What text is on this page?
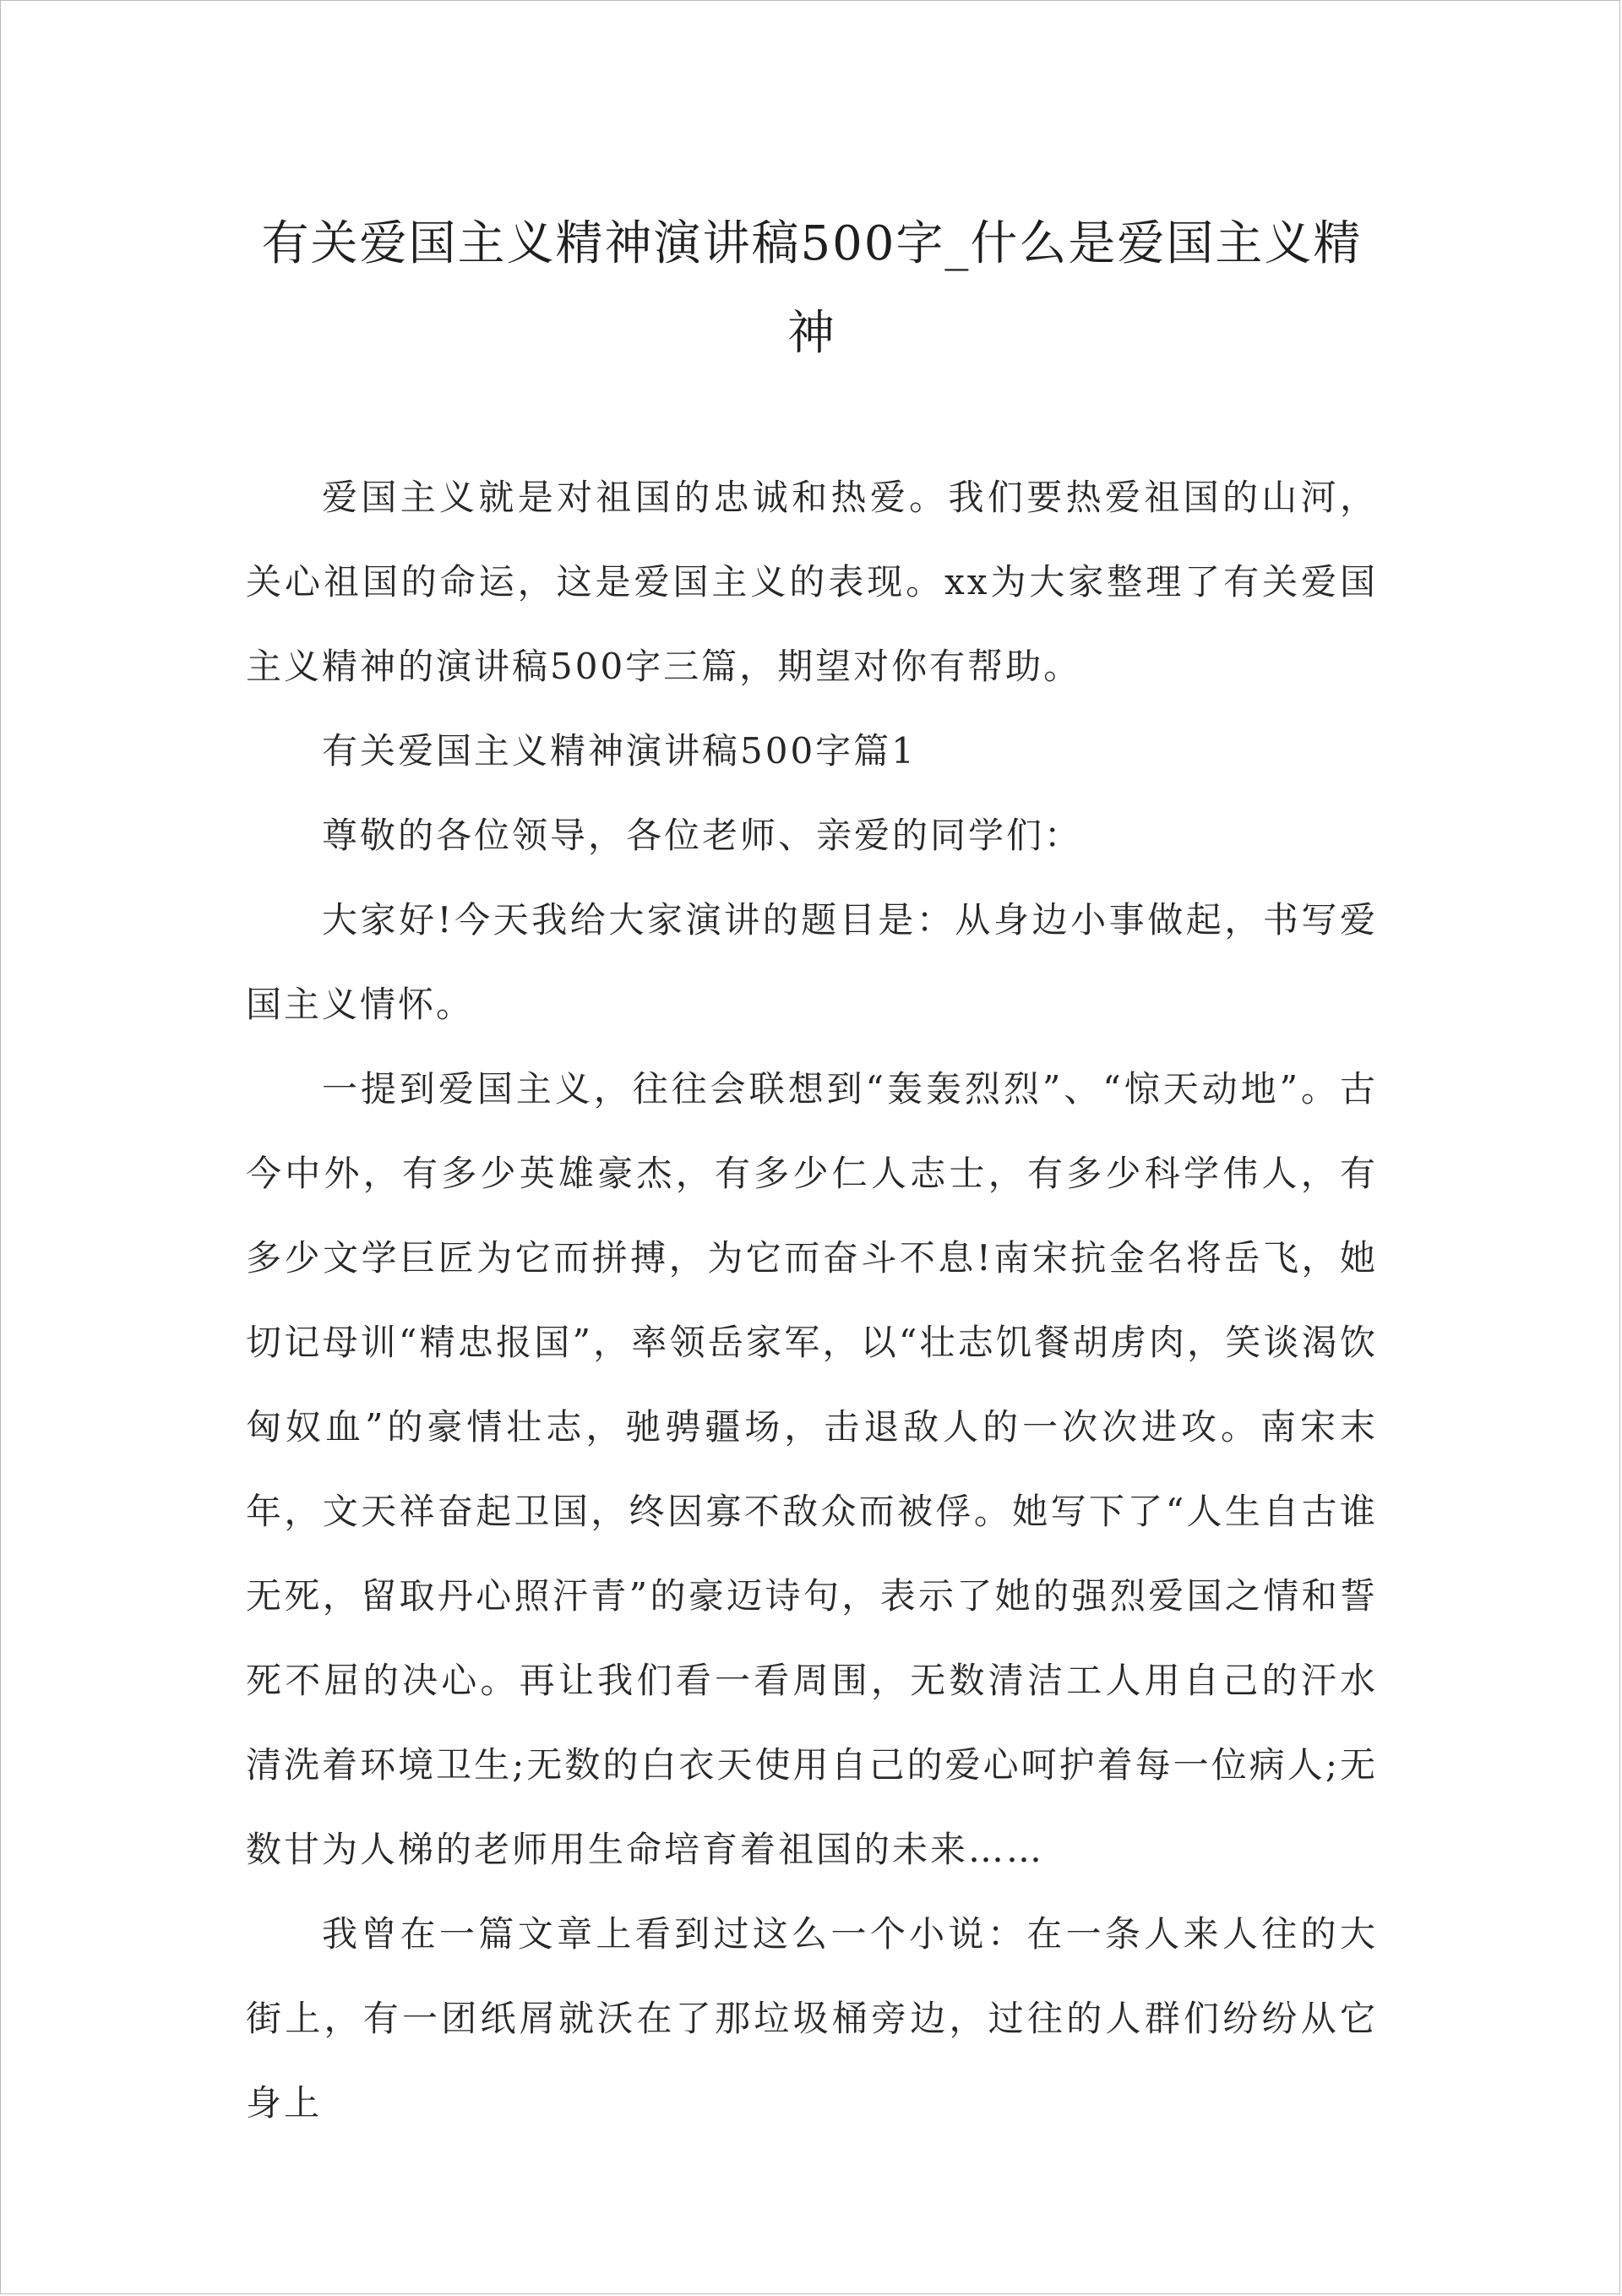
有关爱国主义精神演讲稿500字_什么是爱国主义精神

爱国主义就是对祖国的忠诚和热爱。我们要热爱祖国的山河，关心祖国的命运，这是爱国主义的表现。xx为大家整理了有关爱国主义精神的演讲稿500字三篇，期望对你有帮助。

有关爱国主义精神演讲稿500字篇1

尊敬的各位领导，各位老师、亲爱的同学们：

大家好!今天我给大家演讲的题目是：从身边小事做起，书写爱国主义情怀。

一提到爱国主义，往往会联想到“轰轰烈烈”、“惊天动地”。古今中外，有多少英雄豪杰，有多少仁人志士，有多少科学伟人，有多少文学巨匠为它而拼搏，为它而奋斗不息!南宋抗金名将岳飞，她切记母训“精忠报国”，率领岳家军，以“壮志饥餐胡虏肉，笑谈渴饮匈奴血”的豪情壮志，驰骋疆场，击退敌人的一次次进攻。南宋末年，文天祥奋起卫国，终因寡不敌众而被俘。她写下了“人生自古谁无死，留取丹心照汗青”的豪迈诗句，表示了她的强烈爱国之情和誓死不屈的决心。再让我们看一看周围，无数清洁工人用自己的汗水清洗着环境卫生;无数的白衣天使用自己的爱心呵护着每一位病人;无数甘为人梯的老师用生命培育着祖国的未来……

我曾在一篇文章上看到过这么一个小说：在一条人来人往的大街上，有一团纸屑就沃在了那垃圾桶旁边，过往的人群们纷纷从它身上
